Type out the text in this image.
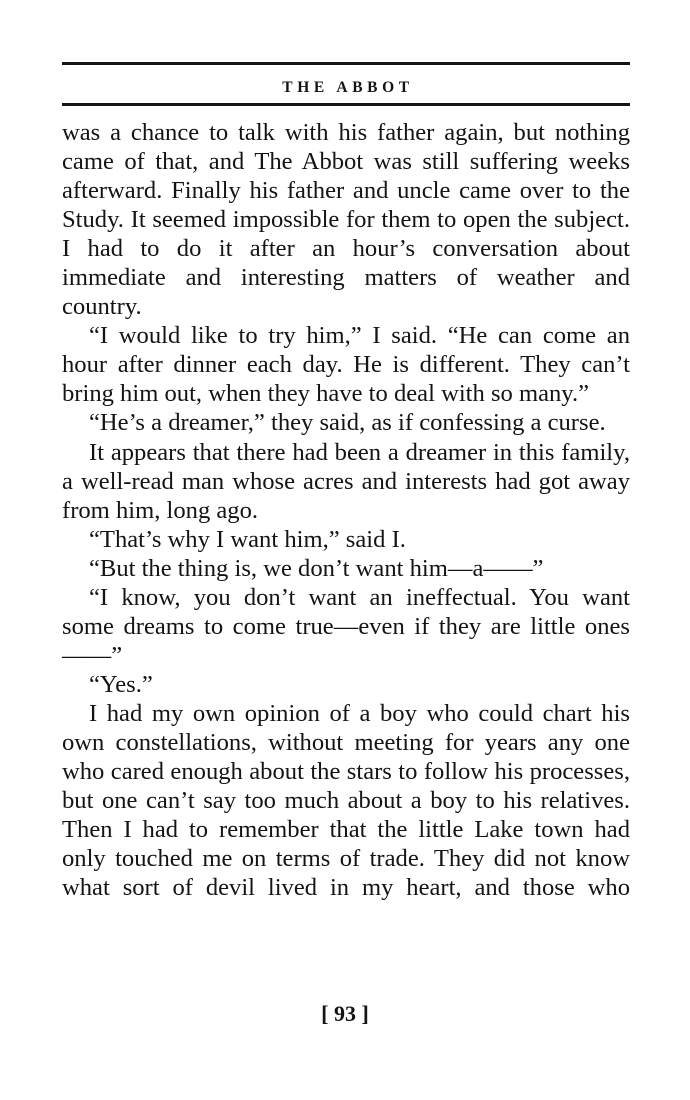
THE ABBOT

was a chance to talk with his father again, but nothing came of that, and The Abbot was still suffering weeks afterward. Finally his father and uncle came over to the Study. It seemed impossible for them to open the subject. I had to do it after an hour’s conversation about immediate and interesting matters of weather and country.

“I would like to try him,” I said. “He can come an hour after dinner each day. He is different. They can’t bring him out, when they have to deal with so many.”

“He’s a dreamer,” they said, as if confessing a curse.

It appears that there had been a dreamer in this family, a well-read man whose acres and interests had got away from him, long ago.

“That’s why I want him,” said I.

“But the thing is, we don’t want him—a——”

“I know, you don’t want an ineffectual. You want some dreams to come true—even if they are little ones——”

“Yes.”

I had my own opinion of a boy who could chart his own constellations, without meeting for years any one who cared enough about the stars to follow his processes, but one can’t say too much about a boy to his relatives. Then I had to remember that the little Lake town had only touched me on terms of trade. They did not know what sort of devil lived in my heart, and those who

[ 93 ]
